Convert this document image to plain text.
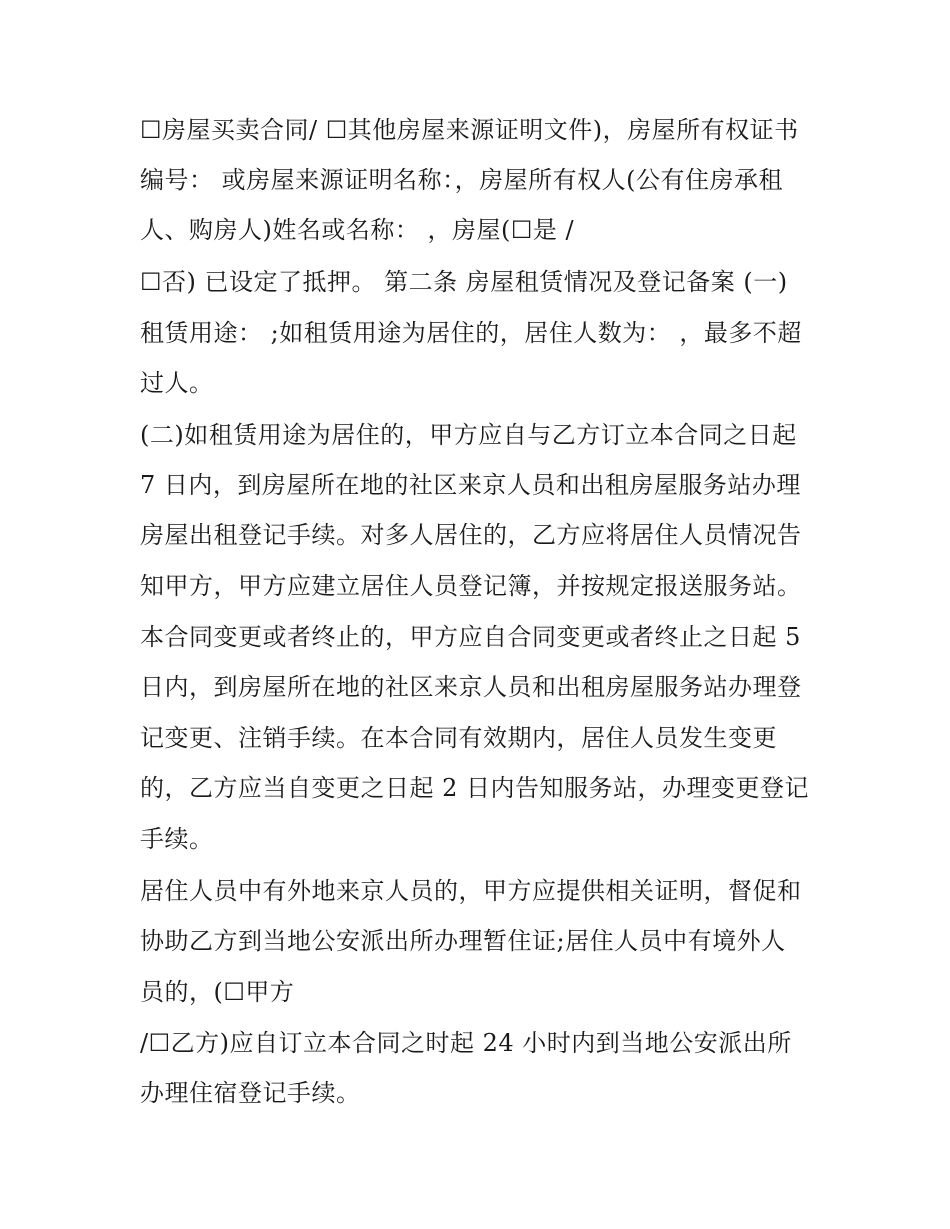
☐房屋买卖合同/ ☐其他房屋来源证明文件)，房屋所有权证书
编号： 或房屋来源证明名称：，房屋所有权人(公有住房承租
人、购房人)姓名或名称： ，房屋(☐是 /
☐否) 已设定了抵押。 第二条 房屋租赁情况及登记备案 (一)
租赁用途： ;如租赁用途为居住的，居住人数为： ，最多不超
过人。
(二)如租赁用途为居住的，甲方应自与乙方订立本合同之日起
7 日内，到房屋所在地的社区来京人员和出租房屋服务站办理
房屋出租登记手续。对多人居住的，乙方应将居住人员情况告
知甲方，甲方应建立居住人员登记簿，并按规定报送服务站。
本合同变更或者终止的，甲方应自合同变更或者终止之日起 5
日内，到房屋所在地的社区来京人员和出租房屋服务站办理登
记变更、注销手续。在本合同有效期内，居住人员发生变更
的，乙方应当自变更之日起 2 日内告知服务站，办理变更登记
手续。
居住人员中有外地来京人员的，甲方应提供相关证明，督促和
协助乙方到当地公安派出所办理暂住证;居住人员中有境外人
员的，(☐甲方
/☐乙方)应自订立本合同之时起 24 小时内到当地公安派出所
办理住宿登记手续。
